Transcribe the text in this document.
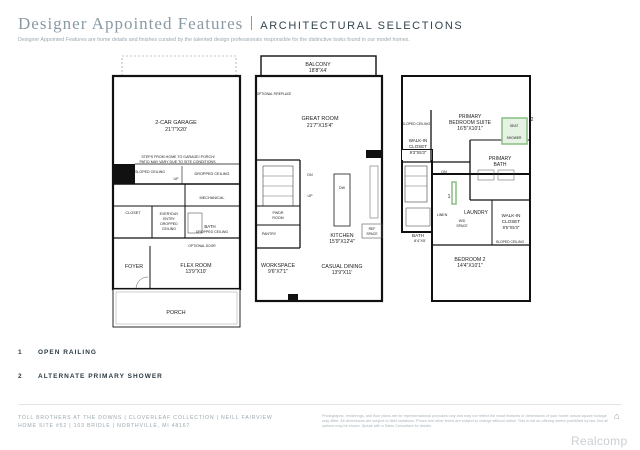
Designer Appointed Features ARCHITECTURAL SELECTIONS
Designer Appointed Features are home details and finishes curated by the talented design professionals responsible for the distinctive looks found in our model homes.
2-CAR GARAGE
21'7"X20'
STEPS FROM HOME TO GARAGE/ PORCH/
PATIO MAY VARY DUE TO SITE CONDITIONS.
SLOPED CEILING
UP
DROPPED CEILING
MECHANICAL
CLOSET	EVERYDAY
ENTRY
DROPPED
CEILING	BATH
DROPPED CEILING
OPTIONAL DOOR
FOYER	FLEX ROOM
13'9"X10'
PORCH
BALCONY
18'8"X4'
OPTIONAL FIREPLACE
GREAT ROOM
21'7"X15'4"
DN
UP
DW
PWDR
ROOM
PANTRY
REF
SPACE
KITCHEN
15'9"X12'4"
WORKSPACE
9'6"X7'1"
CASUAL DINING
13'9"X11'
PRIMARY
BEDROOM SUITE
16'5"X10'1"
SLOPED CEILING
WALK-IN
CLOSET
9'3"X5'3"
SEAT
SHOWER
2
PRIMARY
BATH
DN
1
LINEN	LAUNDRY
W/D
SPACE
WALK-IN
CLOSET
9'5"X5'3"
SLOPED CEILING
BATH
8'4"X5'
BEDROOM 2
14'4"X10'1"
1 OPEN RAILING
2 ALTERNATE PRIMARY SHOWER
TOLL BROTHERS AT THE DOWNS | CLOVERLEAF COLLECTION | NEILL FAIRVIEW
HOME SITE #52 | 103 BRIDLE | NORTHVILLE, MI 48167
Photographs, renderings, and floor plans are for representational purposes only and may not reflect the exact features or dimensions of your home; actual square footage may differ. All dimensions are subject to field variations. Prices and other terms are subject to change without notice. This is not an offering where prohibited by law. Not all options may be shown. Speak with a Sales Consultant for details.
⌂
Realcomp
